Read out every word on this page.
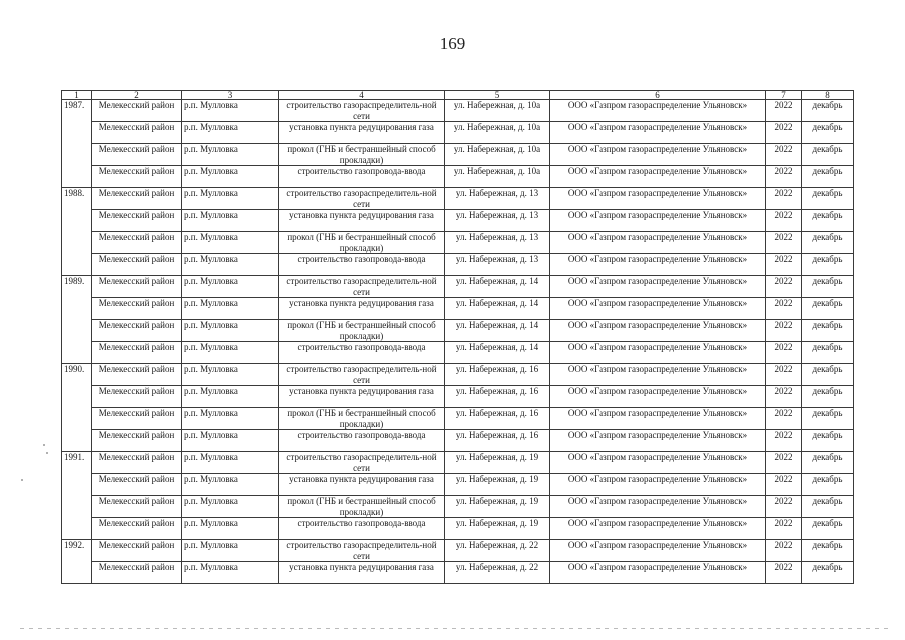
169
1	2	3	4	5	6	7	8
1987.	Мелекесский район	р.п. Мулловка	строительство газораспределитель-ной сети	ул. Набережная, д. 10а	ООО «Газпром газораспределение Ульяновск»	2022	декабрь
	Мелекесский район	р.п. Мулловка	установка пункта редуцирования газа	ул. Набережная, д. 10а	ООО «Газпром газораспределение Ульяновск»	2022	декабрь
	Мелекесский район	р.п. Мулловка	прокол (ГНБ и бестраншейный способ прокладки)	ул. Набережная, д. 10а	ООО «Газпром газораспределение Ульяновск»	2022	декабрь
	Мелекесский район	р.п. Мулловка	строительство газопровода-ввода	ул. Набережная, д. 10а	ООО «Газпром газораспределение Ульяновск»	2022	декабрь
1988.	Мелекесский район	р.п. Мулловка	строительство газораспределитель-ной сети	ул. Набережная, д. 13	ООО «Газпром газораспределение Ульяновск»	2022	декабрь
	Мелекесский район	р.п. Мулловка	установка пункта редуцирования газа	ул. Набережная, д. 13	ООО «Газпром газораспределение Ульяновск»	2022	декабрь
	Мелекесский район	р.п. Мулловка	прокол (ГНБ и бестраншейный способ прокладки)	ул. Набережная, д. 13	ООО «Газпром газораспределение Ульяновск»	2022	декабрь
	Мелекесский район	р.п. Мулловка	строительство газопровода-ввода	ул. Набережная, д. 13	ООО «Газпром газораспределение Ульяновск»	2022	декабрь
1989.	Мелекесский район	р.п. Мулловка	строительство газораспределитель-ной сети	ул. Набережная, д. 14	ООО «Газпром газораспределение Ульяновск»	2022	декабрь
	Мелекесский район	р.п. Мулловка	установка пункта редуцирования газа	ул. Набережная, д. 14	ООО «Газпром газораспределение Ульяновск»	2022	декабрь
	Мелекесский район	р.п. Мулловка	прокол (ГНБ и бестраншейный способ прокладки)	ул. Набережная, д. 14	ООО «Газпром газораспределение Ульяновск»	2022	декабрь
	Мелекесский район	р.п. Мулловка	строительство газопровода-ввода	ул. Набережная, д. 14	ООО «Газпром газораспределение Ульяновск»	2022	декабрь
1990.	Мелекесский район	р.п. Мулловка	строительство газораспределитель-ной сети	ул. Набережная, д. 16	ООО «Газпром газораспределение Ульяновск»	2022	декабрь
	Мелекесский район	р.п. Мулловка	установка пункта редуцирования газа	ул. Набережная, д. 16	ООО «Газпром газораспределение Ульяновск»	2022	декабрь
	Мелекесский район	р.п. Мулловка	прокол (ГНБ и бестраншейный способ прокладки)	ул. Набережная, д. 16	ООО «Газпром газораспределение Ульяновск»	2022	декабрь
	Мелекесский район	р.п. Мулловка	строительство газопровода-ввода	ул. Набережная, д. 16	ООО «Газпром газораспределение Ульяновск»	2022	декабрь
1991.	Мелекесский район	р.п. Мулловка	строительство газораспределитель-ной сети	ул. Набережная, д. 19	ООО «Газпром газораспределение Ульяновск»	2022	декабрь
	Мелекесский район	р.п. Мулловка	установка пункта редуцирования газа	ул. Набережная, д. 19	ООО «Газпром газораспределение Ульяновск»	2022	декабрь
	Мелекесский район	р.п. Мулловка	прокол (ГНБ и бестраншейный способ прокладки)	ул. Набережная, д. 19	ООО «Газпром газораспределение Ульяновск»	2022	декабрь
	Мелекесский район	р.п. Мулловка	строительство газопровода-ввода	ул. Набережная, д. 19	ООО «Газпром газораспределение Ульяновск»	2022	декабрь
1992.	Мелекесский район	р.п. Мулловка	строительство газораспределитель-ной сети	ул. Набережная, д. 22	ООО «Газпром газораспределение Ульяновск»	2022	декабрь
	Мелекесский район	р.п. Мулловка	установка пункта редуцирования газа	ул. Набережная, д. 22	ООО «Газпром газораспределение Ульяновск»	2022	декабрь
